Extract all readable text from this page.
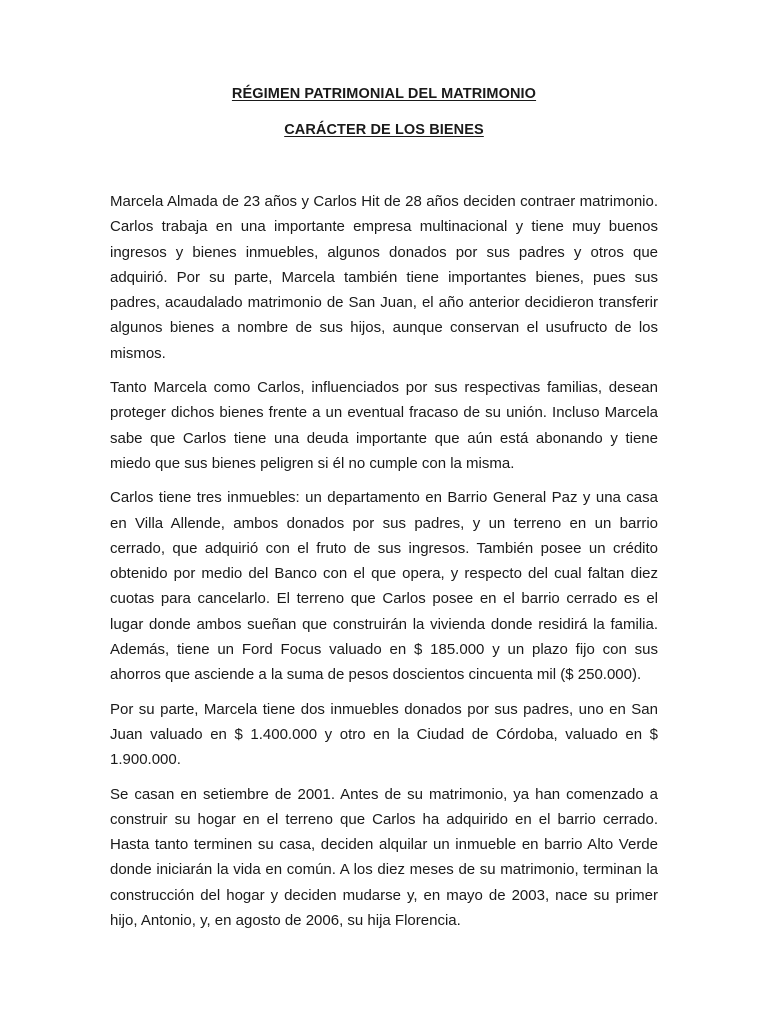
RÉGIMEN PATRIMONIAL DEL MATRIMONIO
CARÁCTER DE LOS BIENES

Marcela Almada de 23 años y Carlos Hit de 28 años deciden contraer matrimonio. Carlos trabaja en una importante empresa multinacional y tiene muy buenos ingresos y bienes inmuebles, algunos donados por sus padres y otros que adquirió. Por su parte, Marcela también tiene importantes bienes, pues sus padres, acaudalado matrimonio de San Juan, el año anterior decidieron transferir algunos bienes a nombre de sus hijos, aunque conservan el usufructo de los mismos.

Tanto Marcela como Carlos, influenciados por sus respectivas familias, desean proteger dichos bienes frente a un eventual fracaso de su unión. Incluso Marcela sabe que Carlos tiene una deuda importante que aún está abonando y tiene miedo que sus bienes peligren si él no cumple con la misma.

Carlos tiene tres inmuebles: un departamento en Barrio General Paz y una casa en Villa Allende, ambos donados por sus padres, y un terreno en un barrio cerrado, que adquirió con el fruto de sus ingresos. También posee un crédito obtenido por medio del Banco con el que opera, y respecto del cual faltan diez cuotas para cancelarlo. El terreno que Carlos posee en el barrio cerrado es el lugar donde ambos sueñan que construirán la vivienda donde residirá la familia. Además, tiene un Ford Focus valuado en $ 185.000 y un plazo fijo con sus ahorros que asciende a la suma de pesos doscientos cincuenta mil ($ 250.000).

Por su parte, Marcela tiene dos inmuebles donados por sus padres, uno en San Juan valuado en $ 1.400.000 y otro en la Ciudad de Córdoba, valuado en $ 1.900.000.

Se casan en setiembre de 2001. Antes de su matrimonio, ya han comenzado a construir su hogar en el terreno que Carlos ha adquirido en el barrio cerrado. Hasta tanto terminen su casa, deciden alquilar un inmueble en barrio Alto Verde donde iniciarán la vida en común. A los diez meses de su matrimonio, terminan la construcción del hogar y deciden mudarse y, en mayo de 2003, nace su primer hijo, Antonio, y, en agosto de 2006, su hija Florencia.
